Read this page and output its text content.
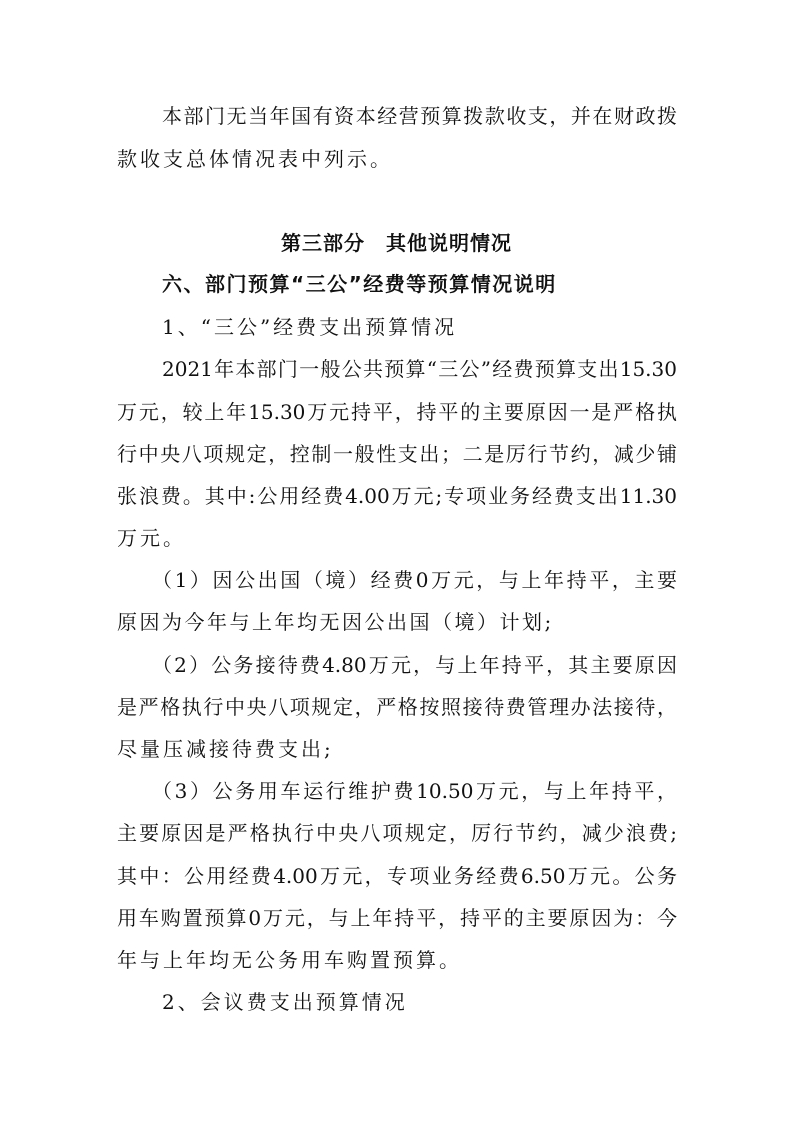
本部门无当年国有资本经营预算拨款收支，并在财政拨
款收支总体情况表中列示。
第三部分　其他说明情况
六、部门预算“三公”经费等预算情况说明
1、“三公”经费支出预算情况
2021年本部门一般公共预算“三公”经费预算支出15.30
万元，较上年15.30万元持平，持平的主要原因一是严格执
行中央八项规定，控制一般性支出；二是厉行节约，减少铺
张浪费。其中:公用经费4.00万元;专项业务经费支出11.30
万元。
（1）因公出国（境）经费0万元，与上年持平，主要
原因为今年与上年均无因公出国（境）计划;
（2）公务接待费4.80万元，与上年持平，其主要原因
是严格执行中央八项规定，严格按照接待费管理办法接待，
尽量压减接待费支出;
（3）公务用车运行维护费10.50万元，与上年持平，
主要原因是严格执行中央八项规定，厉行节约，减少浪费;
其中：公用经费4.00万元，专项业务经费6.50万元。公务
用车购置预算0万元，与上年持平，持平的主要原因为：今
年与上年均无公务用车购置预算。
2、会议费支出预算情况
